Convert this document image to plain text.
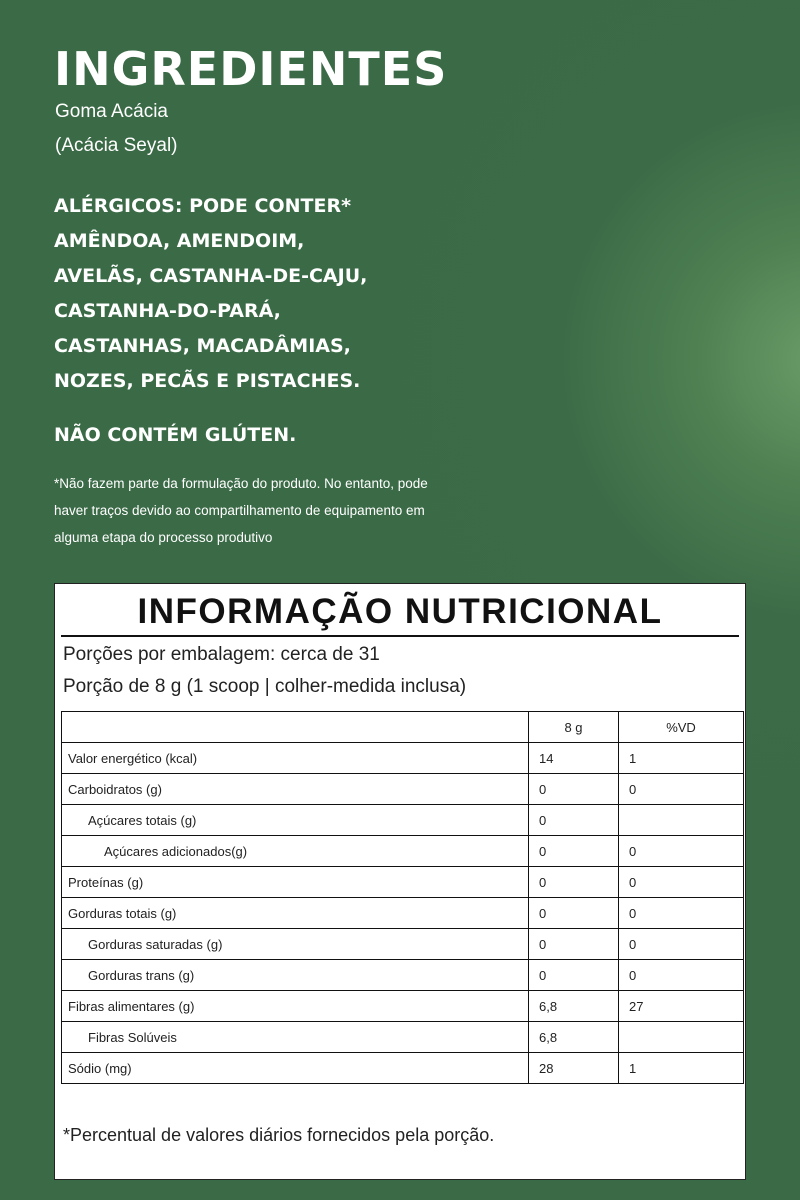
INGREDIENTES
Goma Acácia
(Acácia Seyal)
ALÉRGICOS: PODE CONTER*
AMÊNDOA, AMENDOIM,
AVELÃS, CASTANHA-DE-CAJU,
CASTANHA-DO-PARÁ,
CASTANHAS, MACADÂMIAS,
NOZES, PECÃS E PISTACHES.
NÃO CONTÉM GLÚTEN.
*Não fazem parte da formulação do produto. No entanto, pode
haver traços devido ao compartilhamento de equipamento em
alguma etapa do processo produtivo
INFORMAÇÃO NUTRICIONAL
Porções por embalagem: cerca de 31
Porção de 8 g (1 scoop | colher-medida inclusa)
	8 g	%VD
Valor energético (kcal)	14	1
Carboidratos (g)	0	0
Açúcares totais (g)	0	
Açúcares adicionados(g)	0	0
Proteínas (g)	0	0
Gorduras totais (g)	0	0
Gorduras saturadas (g)	0	0
Gorduras trans (g)	0	0
Fibras alimentares (g)	6,8	27
Fibras Solúveis	6,8	
Sódio (mg)	28	1
*Percentual de valores diários fornecidos pela porção.
